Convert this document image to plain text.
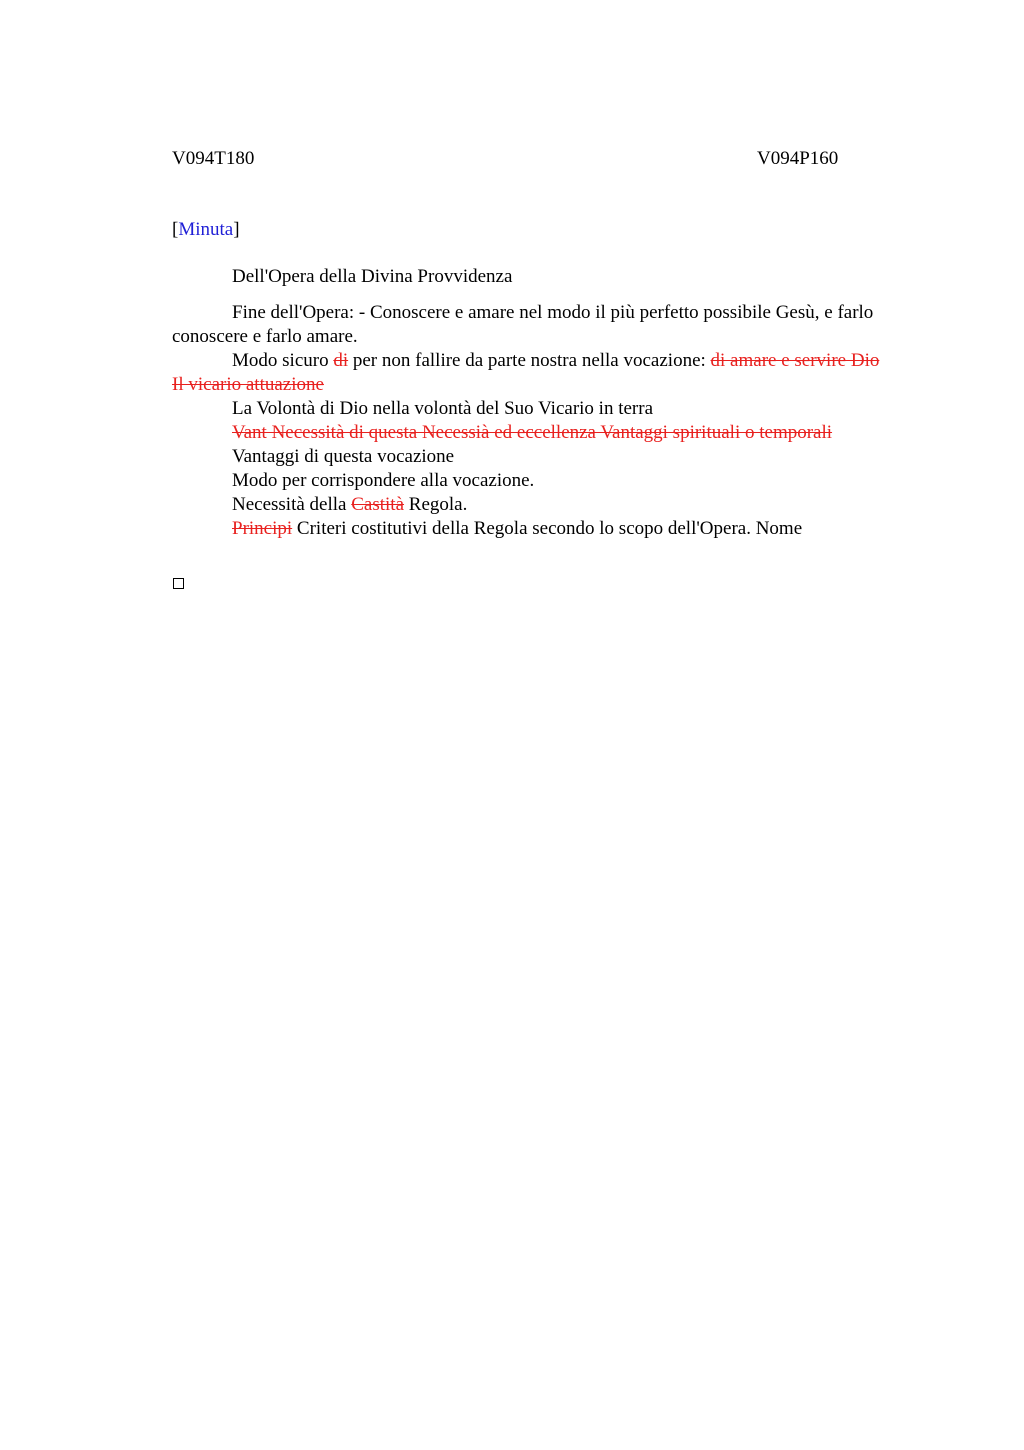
V094T180	V094P160
[Minuta]

Dell'Opera della Divina Provvidenza

Fine dell'Opera: - Conoscere e amare nel modo il più perfetto possibile Gesù, e farlo conoscere e farlo amare.

Modo sicuro di per non fallire da parte nostra nella vocazione: di amare e servire Dio Il vicario attuazione

La Volontà di Dio nella volontà del Suo Vicario in terra

Vant Necessità di questa Necessià ed eccellenza Vantaggi spirituali o temporali

Vantaggi di questa vocazione

Modo per corrispondere alla vocazione.

Necessità della Castità Regola.

Principi Criteri costitutivi della Regola secondo lo scopo dell'Opera. Nome
